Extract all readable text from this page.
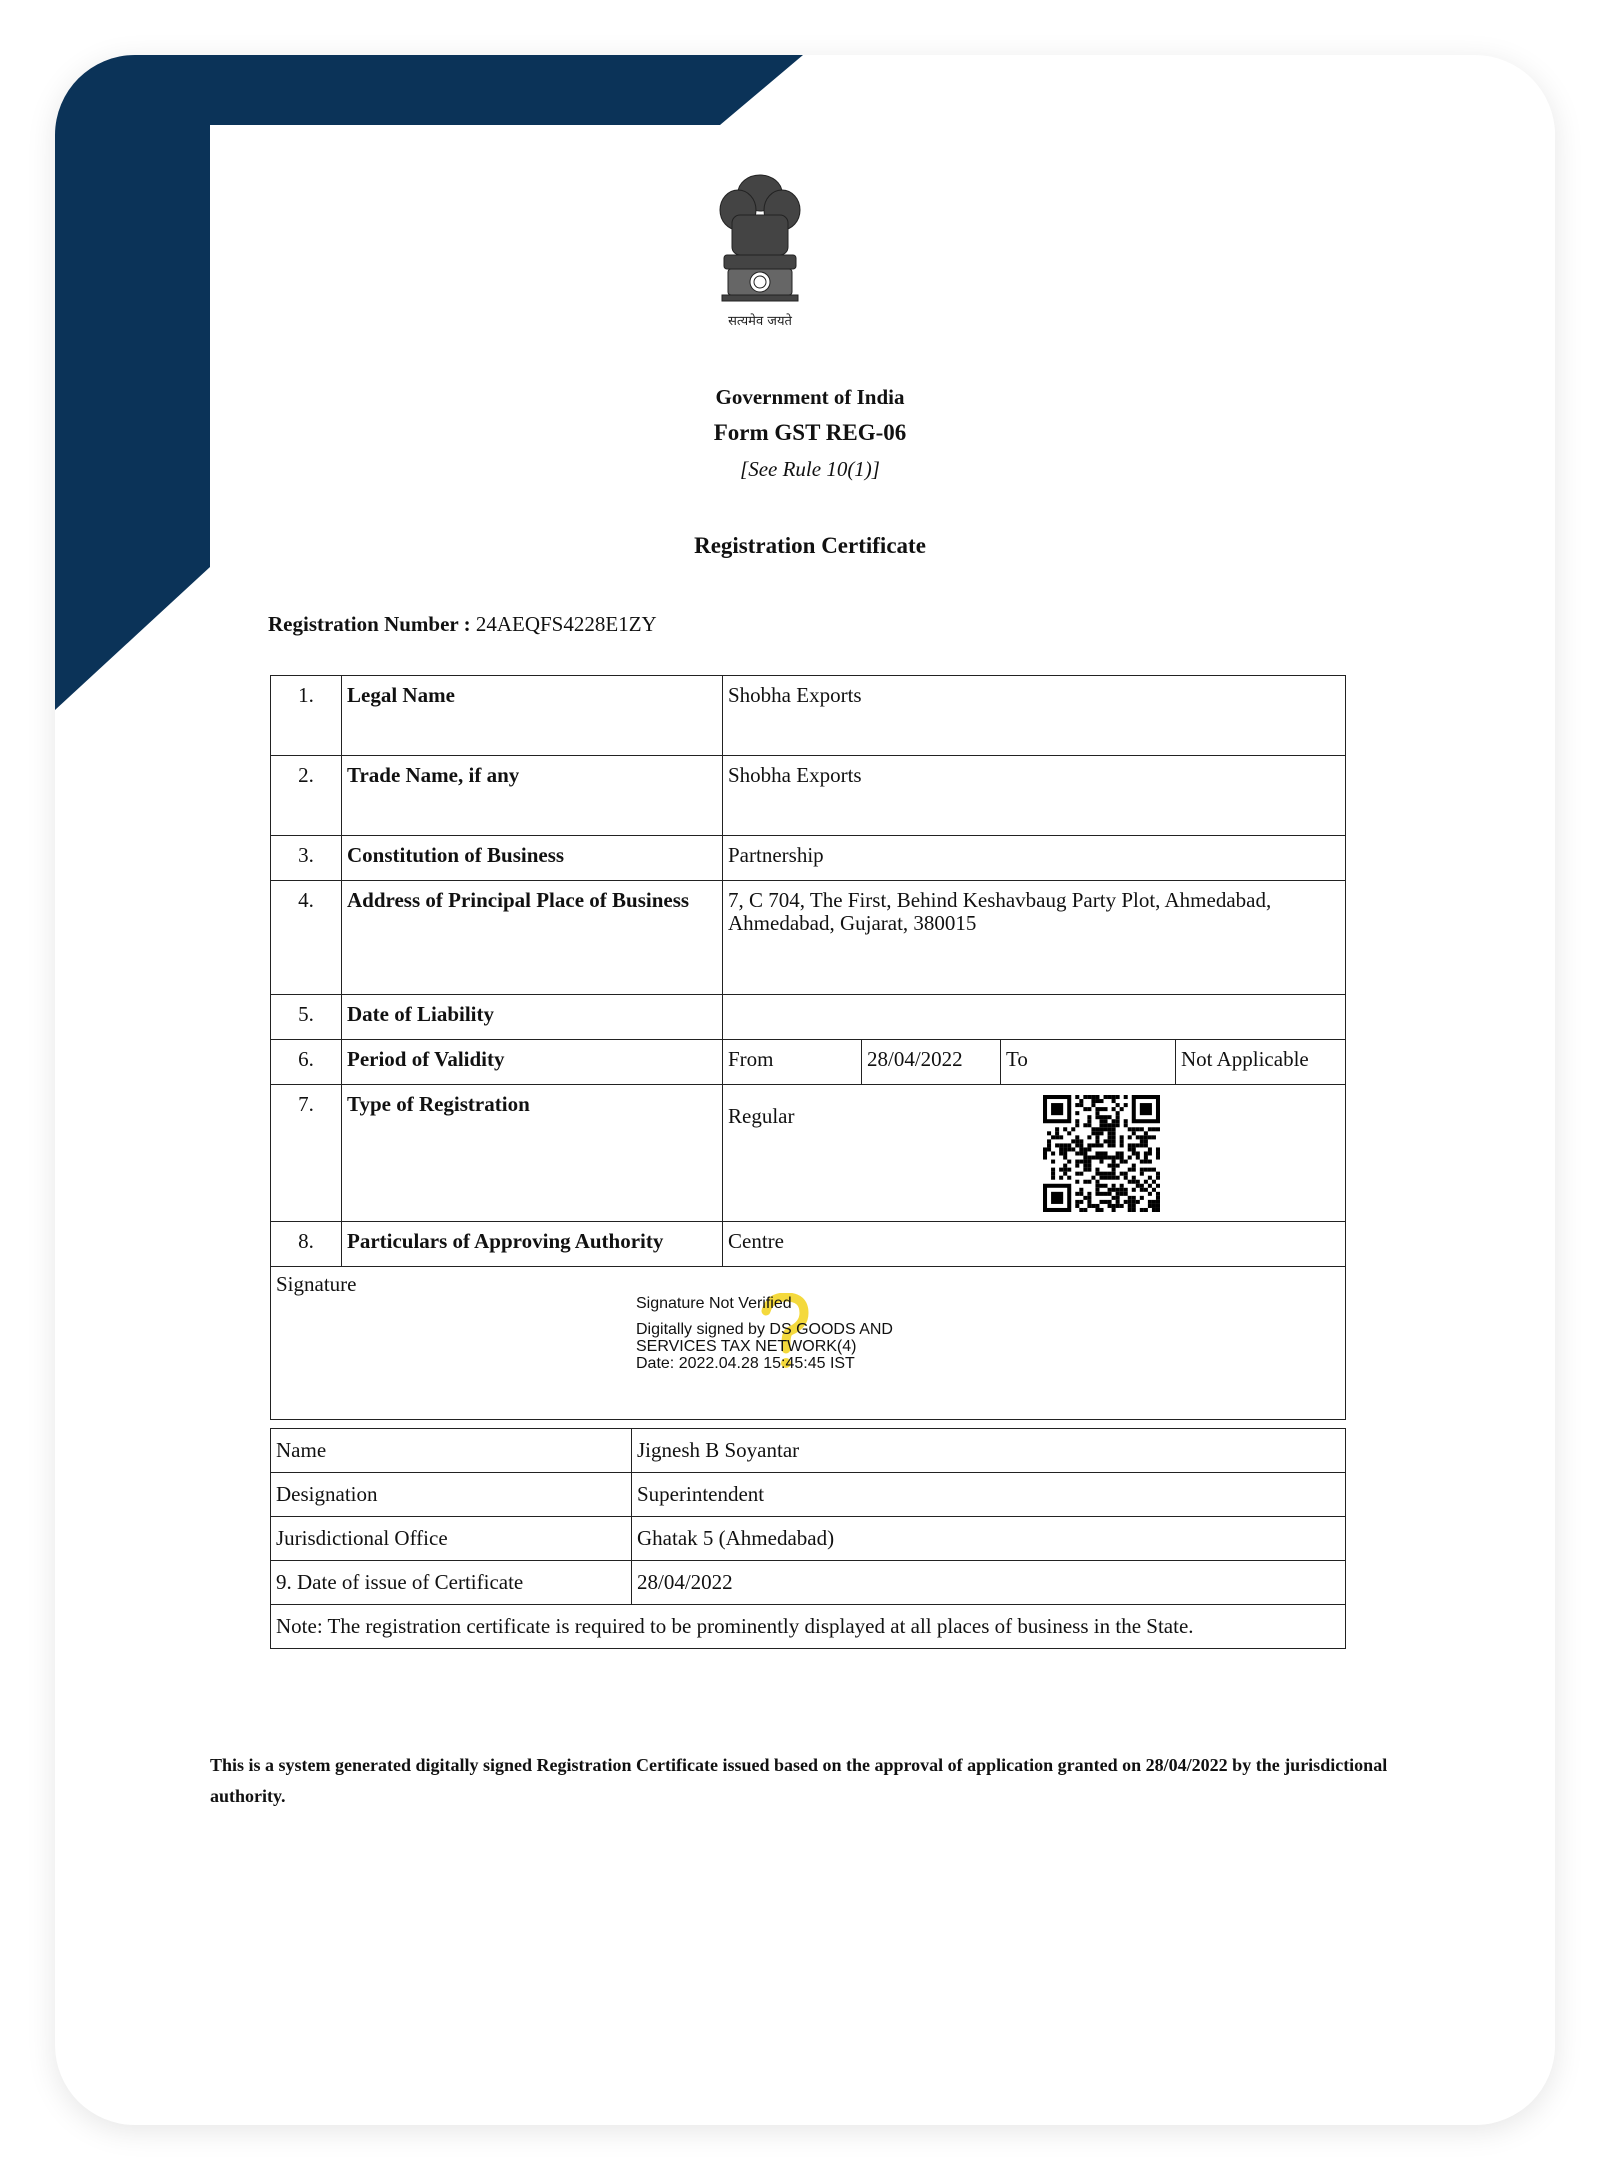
सत्यमेव जयते
Government of India
Form GST REG-06
[See Rule 10(1)]
Registration Certificate
Registration Number : 24AEQFS4228E1ZY
1.	Legal Name	Shobha Exports			
2.	Trade Name, if any	Shobha Exports			
3.	Constitution of Business	Partnership			
4.	Address of Principal Place of Business	7, C 704, The First, Behind Keshavbaug Party Plot, Ahmedabad, Ahmedabad, Gujarat, 380015			
5.	Date of Liability				
6.	Period of Validity	From	28/04/2022	To	Not Applicable
7.	Type of Registration	Regular			
8.	Particulars of Approving Authority	Centre			

Signature
Signature Not Verified
Digitally signed by DS GOODS AND
SERVICES TAX NETWORK(4)
Date: 2022.04.28 15:45:45 IST					
Name	Jignesh B Soyantar
Designation	Superintendent
Jurisdictional Office	Ghatak 5 (Ahmedabad)
9. Date of issue of Certificate	28/04/2022
Note: The registration certificate is required to be prominently displayed at all places of business in the State.	
This is a system generated digitally signed Registration Certificate issued based on the approval of application granted on 28/04/2022 by the jurisdictional authority.
